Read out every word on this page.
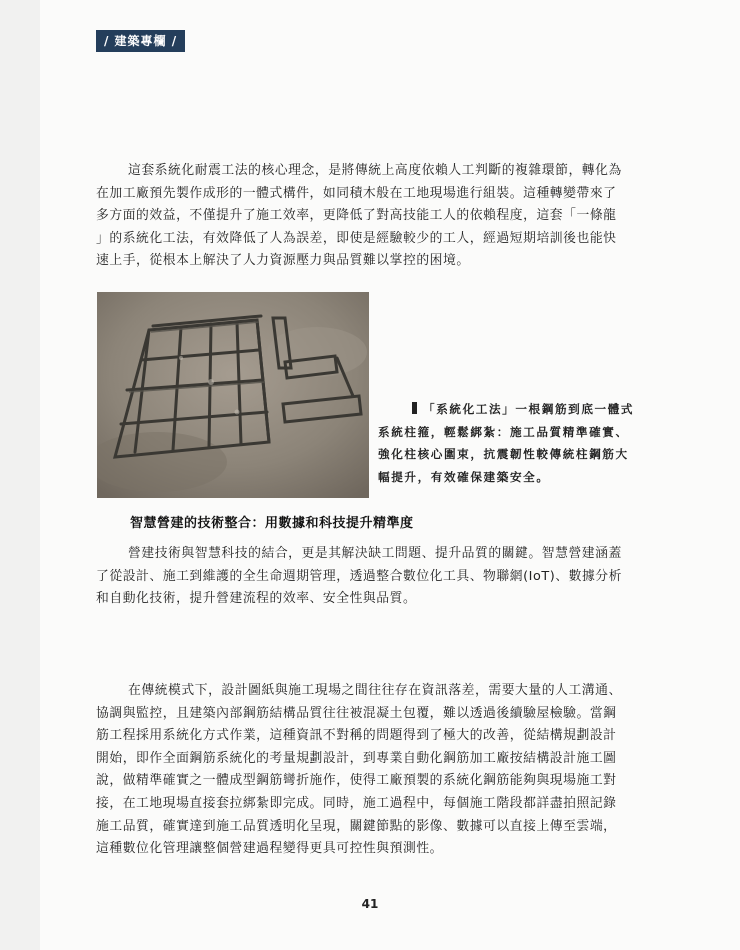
/ 建築專欄 /
這套系統化耐震工法的核心理念，是將傳統上高度依賴人工判斷的複雜環節，轉化為
在加工廠預先製作成形的一體式構件，如同積木般在工地現場進行組裝。這種轉變帶來了
多方面的效益，不僅提升了施工效率，更降低了對高技能工人的依賴程度，這套「一條龍
」的系統化工法，有效降低了人為誤差，即使是經驗較少的工人，經過短期培訓後也能快
速上手，從根本上解決了人力資源壓力與品質難以掌控的困境。
「系統化工法」一根鋼筋到底一體式
系統柱箍，輕鬆綁紮：施工品質精準確實、
強化柱核心圍束，抗震韌性較傳統柱鋼筋大
幅提升，有效確保建築安全。
智慧營建的技術整合：用數據和科技提升精準度
營建技術與智慧科技的結合，更是其解決缺工問題、提升品質的關鍵。智慧營建涵蓋
了從設計、施工到維護的全生命週期管理，透過整合數位化工具、物聯網(IoT)、數據分析
和自動化技術，提升營建流程的效率、安全性與品質。
在傳統模式下，設計圖紙與施工現場之間往往存在資訊落差，需要大量的人工溝通、
協調與監控，且建築內部鋼筋結構品質往往被混凝土包覆，難以透過後續驗屋檢驗。當鋼
筋工程採用系統化方式作業，這種資訊不對稱的問題得到了極大的改善，從結構規劃設計
開始，即作全面鋼筋系統化的考量規劃設計，到專業自動化鋼筋加工廠按結構設計施工圖
說，做精準確實之一體成型鋼筋彎折施作，使得工廠預製的系統化鋼筋能夠與現場施工對
接，在工地現場直接套拉綁紮即完成。同時，施工過程中，每個施工階段都詳盡拍照記錄
施工品質，確實達到施工品質透明化呈現，關鍵節點的影像、數據可以直接上傳至雲端，
這種數位化管理讓整個營建過程變得更具可控性與預測性。
41
